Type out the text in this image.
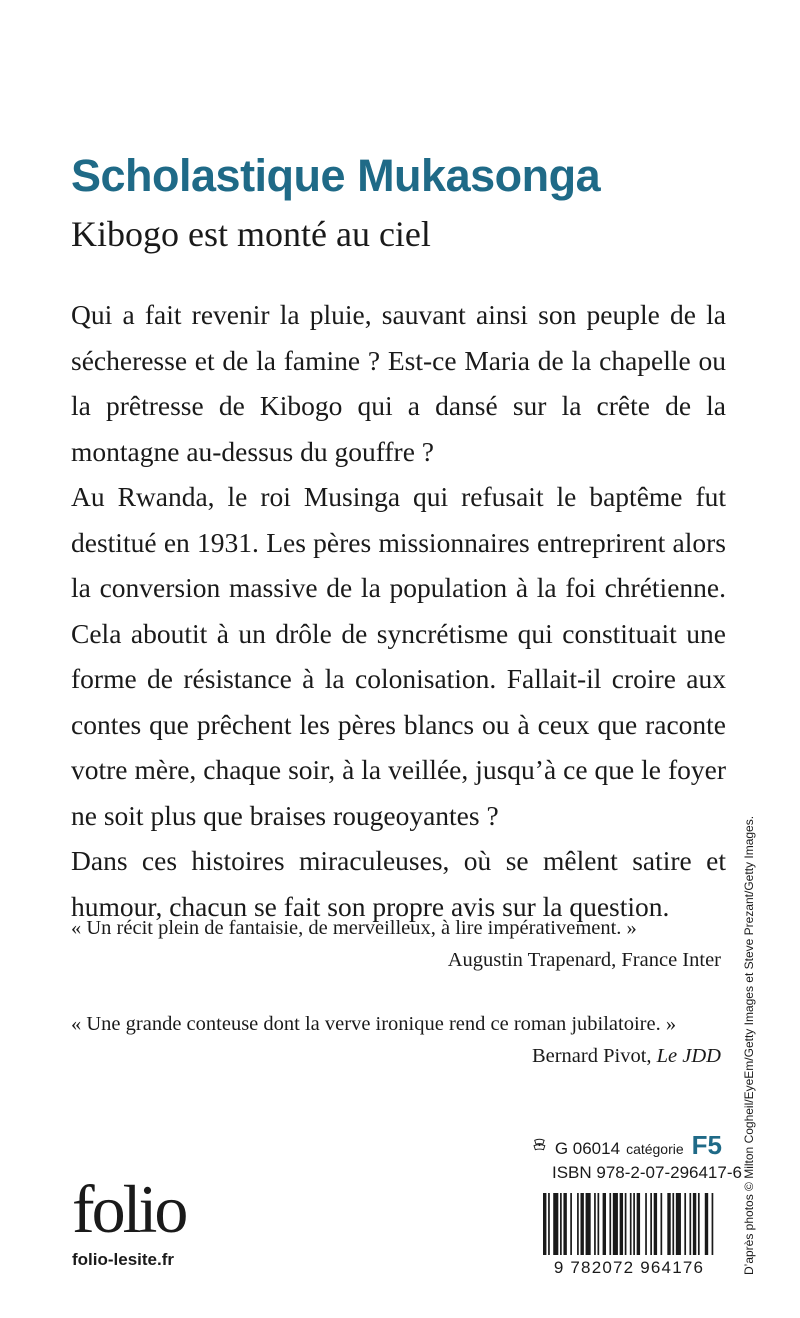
Scholastique Mukasonga
Kibogo est monté au ciel

Qui a fait revenir la pluie, sauvant ainsi son peuple de la sécheresse et de la famine ? Est-ce Maria de la chapelle ou la prêtresse de Kibogo qui a dansé sur la crête de la montagne au-dessus du gouffre ?

Au Rwanda, le roi Musinga qui refusait le baptême fut destitué en 1931. Les pères missionnaires entreprirent alors la conversion massive de la population à la foi chrétienne. Cela aboutit à un drôle de syncrétisme qui constituait une forme de résistance à la colonisation. Fallait-il croire aux contes que prêchent les pères blancs ou à ceux que raconte votre mère, chaque soir, à la veillée, jusqu’à ce que le foyer ne soit plus que braises rougeoyantes ?

Dans ces histoires miraculeuses, où se mêlent satire et humour, chacun se fait son propre avis sur la question.

« Un récit plein de fantaisie, de merveilleux, à lire impérativement. »
Augustin Trapenard, France Inter
« Une grande conteuse dont la verve ironique rend ce roman jubilatoire. »
Bernard Pivot, Le JDD
G 06014 catégorie F5
ISBN 978-2-07-296417-6
9 782072 964176
folio
folio-lesite.fr	D’après photos © Milton Cogheil/EyeEm/Getty Images et Steve Prezant/Getty Images.
